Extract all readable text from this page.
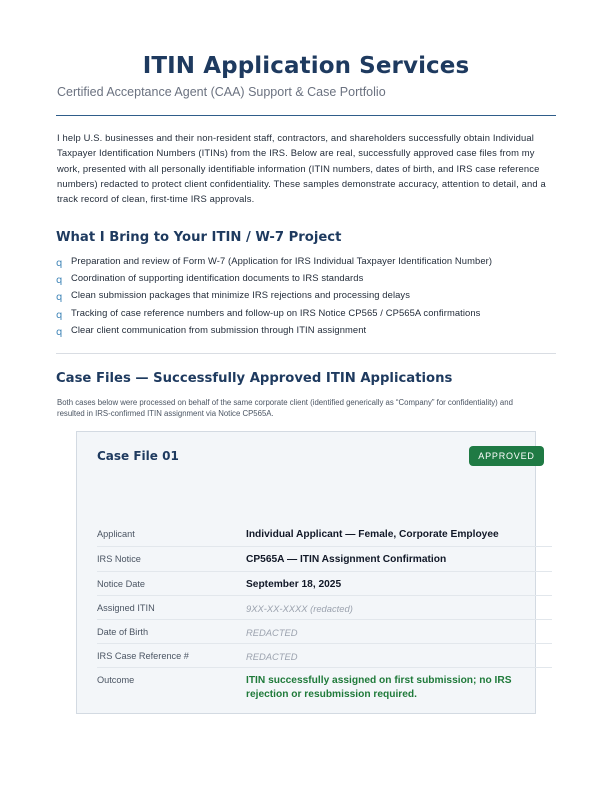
ITIN Application Services
Certified Acceptance Agent (CAA) Support & Case Portfolio

I help U.S. businesses and their non-resident staff, contractors, and shareholders successfully obtain Individual Taxpayer Identification Numbers (ITINs) from the IRS. Below are real, successfully approved case files from my work, presented with all personally identifiable information (ITIN numbers, dates of birth, and IRS case reference numbers) redacted to protect client confidentiality. These samples demonstrate accuracy, attention to detail, and a track record of clean, first-time IRS approvals.

What I Bring to Your ITIN / W-7 Project
q Preparation and review of Form W-7 (Application for IRS Individual Taxpayer Identification Number)
q Coordination of supporting identification documents to IRS standards
q Clean submission packages that minimize IRS rejections and processing delays
q Tracking of case reference numbers and follow-up on IRS Notice CP565 / CP565A confirmations
q Clear client communication from submission through ITIN assignment
Case Files — Successfully Approved ITIN Applications
Both cases below were processed on behalf of the same corporate client (identified generically as “Company” for confidentiality) and resulted in IRS-confirmed ITIN assignment via Notice CP565A.
Case File 01	APPROVED
Applicant	Individual Applicant — Female, Corporate Employee
IRS Notice	CP565A — ITIN Assignment Confirmation
Notice Date	September 18, 2025
Assigned ITIN	9XX-XX-XXXX (redacted)
Date of Birth	REDACTED
IRS Case Reference #	REDACTED
Outcome	ITIN successfully assigned on first submission; no IRS rejection or resubmission required.
